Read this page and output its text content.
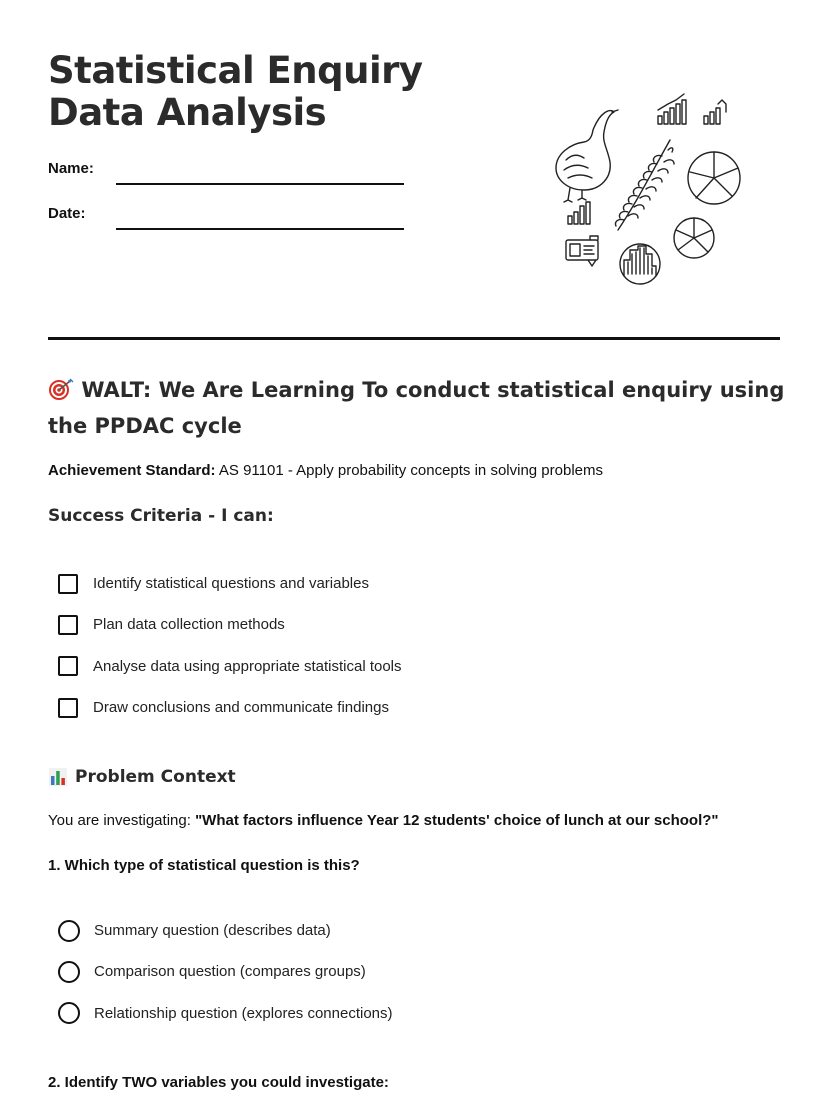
Statistical Enquiry Data Analysis
Name:
Date:
WALT: We Are Learning To conduct statistical enquiry using the PPDAC cycle
Achievement Standard: AS 91101 - Apply probability concepts in solving problems
Success Criteria - I can:
Identify statistical questions and variables
Plan data collection methods
Analyse data using appropriate statistical tools
Draw conclusions and communicate findings
Problem Context
You are investigating: "What factors influence Year 12 students' choice of lunch at our school?"
1. Which type of statistical question is this?
Summary question (describes data)
Comparison question (compares groups)
Relationship question (explores connections)
2. Identify TWO variables you could investigate:
